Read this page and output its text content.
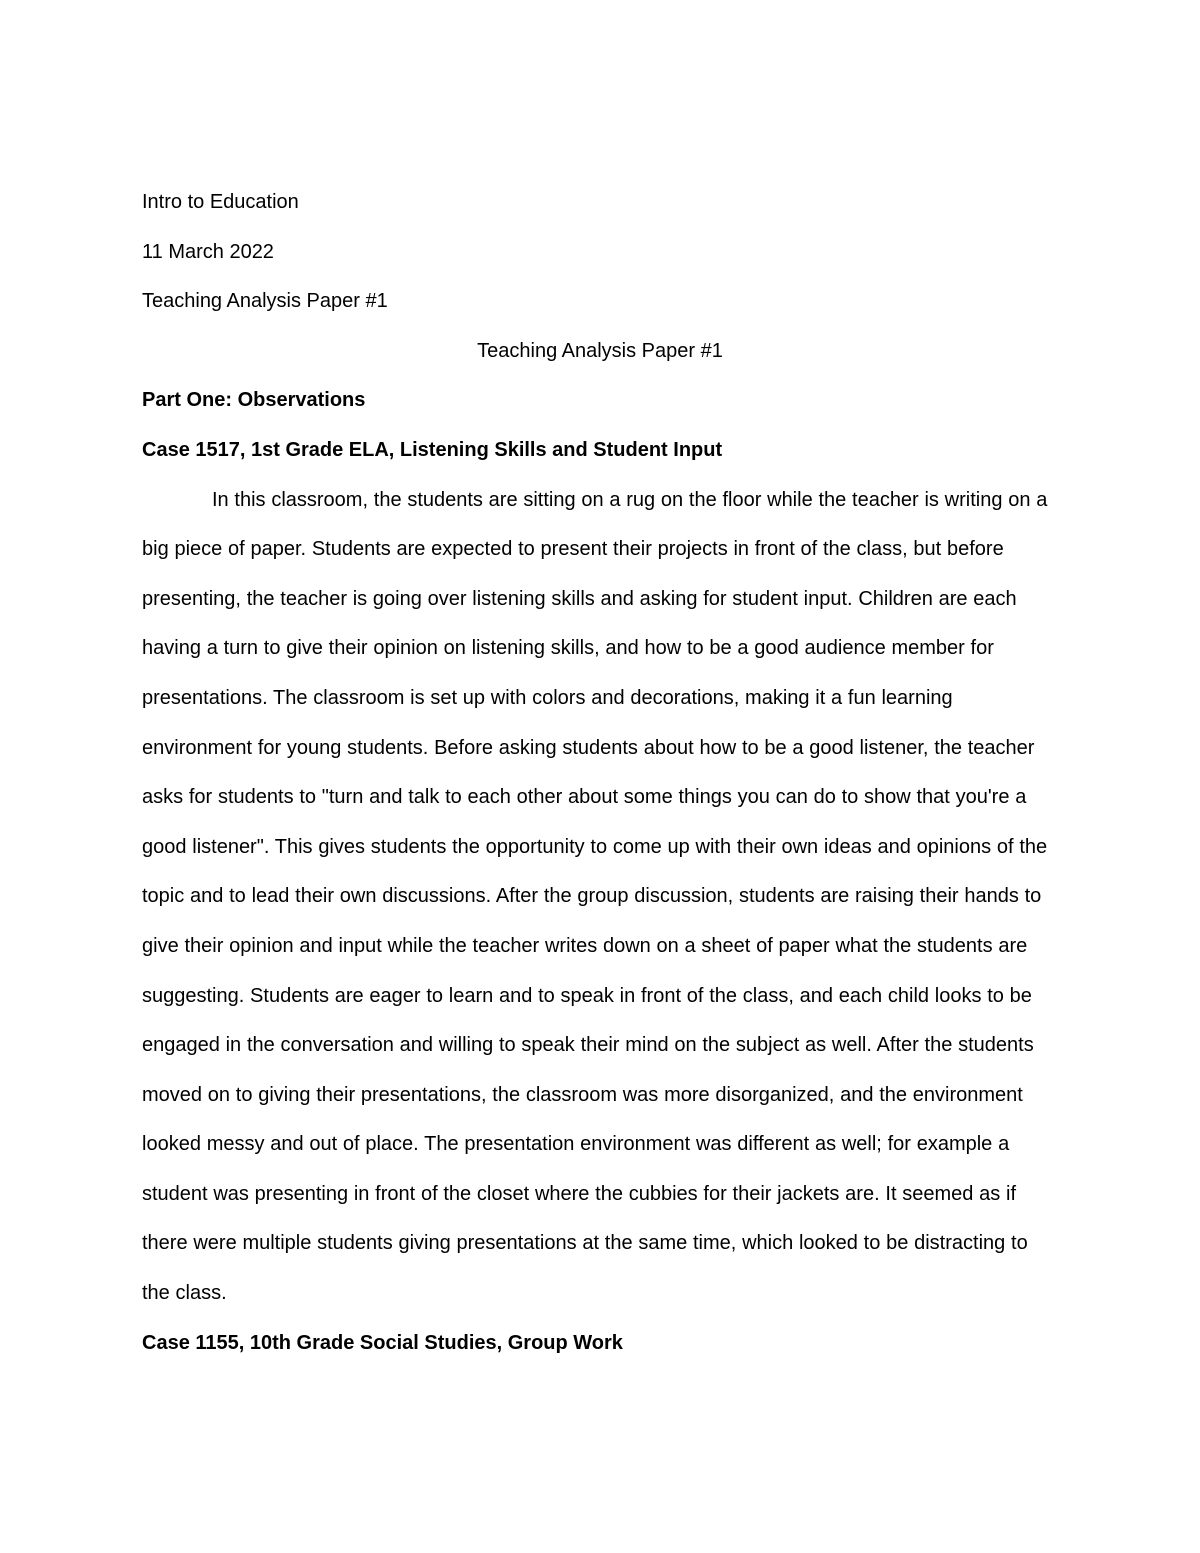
Intro to Education

11 March 2022

Teaching Analysis Paper #1

Teaching Analysis Paper #1

Part One: Observations

Case 1517, 1st Grade ELA, Listening Skills and Student Input

In this classroom, the students are sitting on a rug on the floor while the teacher is writing on a big piece of paper. Students are expected to present their projects in front of the class, but before presenting, the teacher is going over listening skills and asking for student input. Children are each having a turn to give their opinion on listening skills, and how to be a good audience member for presentations. The classroom is set up with colors and decorations, making it a fun learning environment for young students. Before asking students about how to be a good listener, the teacher asks for students to "turn and talk to each other about some things you can do to show that you're a good listener". This gives students the opportunity to come up with their own ideas and opinions of the topic and to lead their own discussions. After the group discussion, students are raising their hands to give their opinion and input while the teacher writes down on a sheet of paper what the students are suggesting. Students are eager to learn and to speak in front of the class, and each child looks to be engaged in the conversation and willing to speak their mind on the subject as well. After the students moved on to giving their presentations, the classroom was more disorganized, and the environment looked messy and out of place. The presentation environment was different as well; for example a student was presenting in front of the closet where the cubbies for their jackets are. It seemed as if there were multiple students giving presentations at the same time, which looked to be distracting to the class.

Case 1155, 10th Grade Social Studies, Group Work
